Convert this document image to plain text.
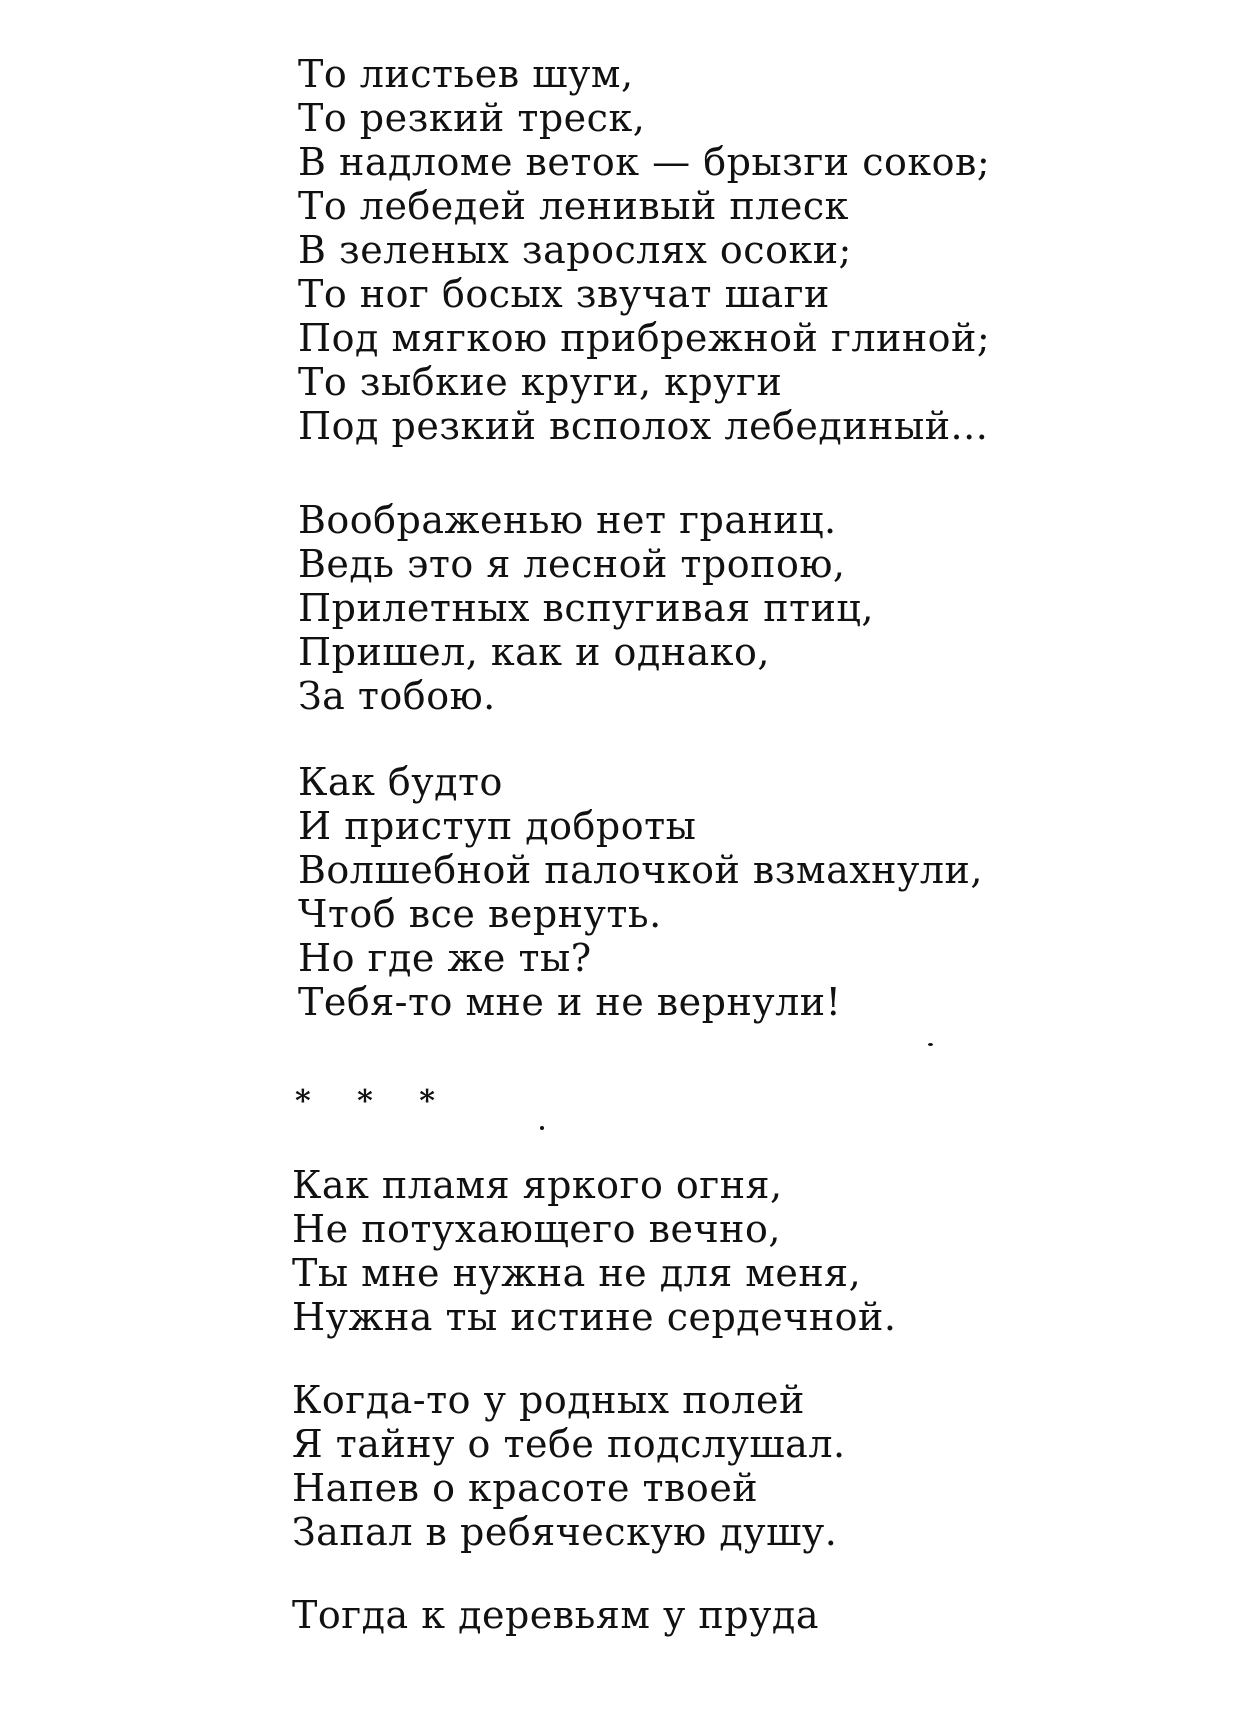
То листьев шум,
То резкий треск,
В надломе веток — брызги соков;
То лебедей ленивый плеск
В зеленых зарослях осоки;
То ног босых звучат шаги
Под мягкою прибрежной глиной;
То зыбкие круги, круги
Под резкий всполох лебединый...
Воображенью нет границ.
Ведь это я лесной тропою,
Прилетных вспугивая птиц,
Пришел, как и однако,
За тобою.
Как будто
И приступ доброты
Волшебной палочкой взмахнули,
Чтоб все вернуть.
Но где же ты?
Тебя-то мне и не вернули!
* * *
Как пламя яркого огня,
Не потухающего вечно,
Ты мне нужна не для меня,
Нужна ты истине сердечной.
Когда-то у родных полей
Я тайну о тебе подслушал.
Напев о красоте твоей
Запал в ребяческую душу.
Тогда к деревьям у пруда
